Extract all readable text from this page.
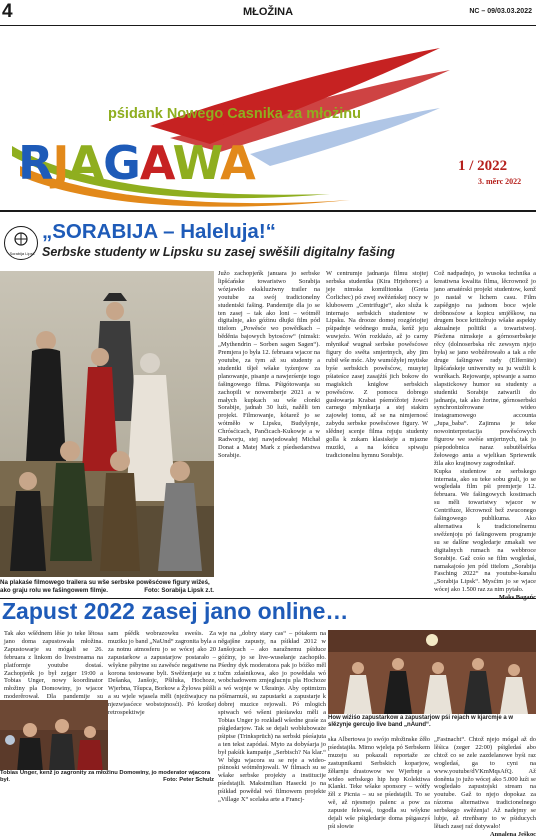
4	MŁOŽINA	NC – 09/03.03.2022
pśidank Nowego Casnika za młożinu
RJAGAWA	1 / 2022
3. měrc 2022
Sorabija Lipsk
„SORABIJA – Haleluja!“
Serbske studenty w Lipsku su zasej swěšili digitalny fašing
Na plakaśe filmowego trailera su wše serbske powěsćowe figury wižeś, ako graju rolu we fašingowem filmje.	Foto: Sorabija Lipsk z.t.

Južo zachopjeńk januara jo serbske lipšćańske towaristwo Sorabija wózjawiło ekskluziwny trailer na youtube za swój tradicionelny studentski fašing. Pandemije dla jo se ten zasej – tak ako loni – wótměł digitalnje, ako góźinu dłujki film pód titelom „Powěsće wo powědkach – běděnia bajowych bytosćow“ (nimski: „Mythendrin – Sorben sagen Sagen“). Premjera jo była 12. februara wjacor na youtube, za tym až su studenty a studentki tšjeł wšake tyźenjow za planowanje, pisanje a nawjerśenje togo fašingowego filma. Pśigótowanja su zachopili w nowemberje 2021 a w małych kupkach su wše cłonki Sorabije, jadnab 30 luźi, nažěli ten projekt. Filmowanje, kótarež jo se wótměło w Lipsku, Budyšynje, Chrósćicach, Pančicach-Kukowje a w Radworju, stej nawjedowałej Michał Donat a Matej Mark z pśedsedarstwa Sorabije.

W centrumje jadnanja filmu stojtej serbska studentka (Kira Hrjehorec) a jeje nimska komilitonka (Greta Čorlichec) pó zwej swěźeńskej nocy w klubowem „Centrifugje“, ako služa k internajo serbskich studentow w Lipsku. Na drooze domoj rozgóriojtej pśipadnje wódnego muža, keńž jeju wuwjeźo. Wón rozkłaźo, až jo carny młynikař wugnał serbske powěsćowe figury do swěta smjertnych, aby jim rubił wše móc. Aby wumóžyłej mytiske byśe serbskich powěsćow, musytej pśiateśce zasej zasajźiś jich bokow do magiskich knigłow serbskich powěsćow. Z pomocu dobrego gusłowarja Krabat pśemóžotej žowći carnego młynikarja a stej stakim zajowłej tomu, až se na nimjernosć zabydu serbske powěsćowe figury. W slědnej scenje filma rejuju studenty golla k zukam klasiskeje a mjazne muziki, a na kóńcu spiwaju tradicionelnu hymnu Sorabije.

Což nadpadnjo, jo wusoka technika a kreatiwna kwalita filma, lěcrownož jo jano amatérski projekt studentow, kenž jo nastał w lichem casu. Film zapśěgnjo na jadnom boce wjele dróbnosćow a kopicu smjěškow, na drugem boce kritizěrujo wšake aspekty aktualneje politiki a towaristwoj. Pśežena nimskeje a górnoserbskeje rěcy (dolnoserbska rěc zewsym njejo była) se jano wobźěrowało a tak a rěe druge fašingowe rady (Elferrāte) lipšćańskeje uniwersity su ju wužili k wurěkach. Rejowanje, spiwanje a samo slapstickowy humor su studenty a studentki Sorabije zatwarili do jadnanja, tak ako žortne, górnoserbski synchronizěrowane wideo instagramowego accounta „Jupa_baba“. Zajimna je teke nowointerpretacija powěsćowych figurow we swěśe smjertnych, tak jo pśepodobnica naraz subutělsérka žełowego anta a wjelikan Spriewnik žila ako krajinowy zagrodnikař.

Kupka studentow ze serbskego internata, ako su teke sobu grali, jo se wogledała film pśi premjerje 12. februara. We fašingowych kostimach su měli towaristwy wjacor w Centrifuze, lěcrownož bež zwuconego fašingowego publikuma. Ako alternatiwa k tradicionelnemu swěźenjoju pó fašingowem programje su se dalšne wogledarje zmakali we digitalnych rumach na webbroce Sorabije. Gaž cośo se film wogledaś, namakajośo jen pód titelom „Sorabija Fasching 2022“ na youtube-kanalu „Sorabija Lipsk“. Mysćim jo se wjace wócej ako 1.500 raz za nim pytało.

Zapust 2022 zasej jano online…

Tak ako wšědnem lěśe jo teke lětosa jano doma zapustowała młožina. Zapustowarje su mógali se 26. februara z linkom do livestreama na platformje youtube dostaś. Zachopjeńk jo był zejger 19:00 a Tobias Unger, nowy koordinator młožiny pla Domowiny, jo wjacor moderěrował. Dla pandemije su

sam pśědk wobrazowku sweśis. Za muziku jo band „NaUnd“ zagronita byla a za notnu atmosferu jo se wócej ako 20 zapustarkow a zapustarjow postarało – wšykne pśbytne su zawěsće negatiwne na korona testowane byli. Swěźenjarje su z Dešanka, Janšojc, Pšiłuka, Hochoze, Wjerbna, Tšupca, Borkow a Žylowa pśišli a su wjele wjasela měli (njeźiwajucy na njezwjasćece wobstojnosći). Pó krotkej retrospektiwje

wje na „dobry stary cas“ – pótakem na něgajšne zapusty, na pśikład 2012 w Janšojcach – ako naražnemu pśiduce góźiny, jo se live-wusełanje zachopiło. Pśedny dyk moderatora pak jo bóźko měl tučm zdaśnikowa, ako jo powědała wó wobchadowem zmjeglucnju pla Hochoze a wó wojnje w Ukrainje. Aby optimizm póšmarnuśi, su zapustarki a zapustarje k dobrej muzice rejowali. Pó mlogich spiwach wó wšeni pieśtawku měli a Tobias Unger jo rozkładł wšedne graśe za pśigledarjow. Tak se dejali wobluboważe pśipise (Trinksprüch) na serbski pśeśajuta a ten tekst zapódaś. Myto za dobyśarja jo był pakśik kampańje „Serbisch? Na klar.“ W běgu wjacora su se reje a wideo-pśinoski wótměnjowali. W filmach su se wšake serbske projekty a institucije pśedstajili. Maksimilian Hasecki jo na pśikład powědał wó filmowem projekte „Village X“ scelaka arte a Francj-

ska Albertowa jo swójo młožinske źěło pśedstajiła. Mimo wjeleja pó Serbskem muzeju su pokazali reportaže ze zastupnikami Serbskich koparjow, žěłarnju drastowow we Wjerbnje a wideo serbskego hip hop Kolektiwa Klanki. Teke wšake sponsory – wótřy žěl z Picnia – su se pśedstajili. To se wě, až njesmejo palenc a pow za zapuste felowaś, togodla su wšykne dejali wše pśigledarje doma pśigaszyś pśi słowie

„Fastnacht“. Chtož njejo mógał až do lěśica (zeger 22:00) pśigledaś abo chtož co se zele zazdelanowe byśi raz wogledaś, ga to cyni na www.youtube/dVKmMqsAfQ. Až doněnta jo južo wócej ako 5.000 luźi se wogledało zapustojski stream na youtube. Gaž to njejo dopokaz za rázoma alternatiwa tradicionelnego serbskego swěźenja! Až nadejmy se lubje, až rtreňbany to w pśiducych lětach zasej raź dotywało!

Annalena Ješkoc

Tobias Unger, kenž jo zagronity za młožinu Domowiny, jo moderator wjacora był.	Foto: Peter Schulz
How wiźiśo zapustarkow a zapustarjow pśi rejach w kjarcmje a w slězynje gercujo live band „nAund“.
